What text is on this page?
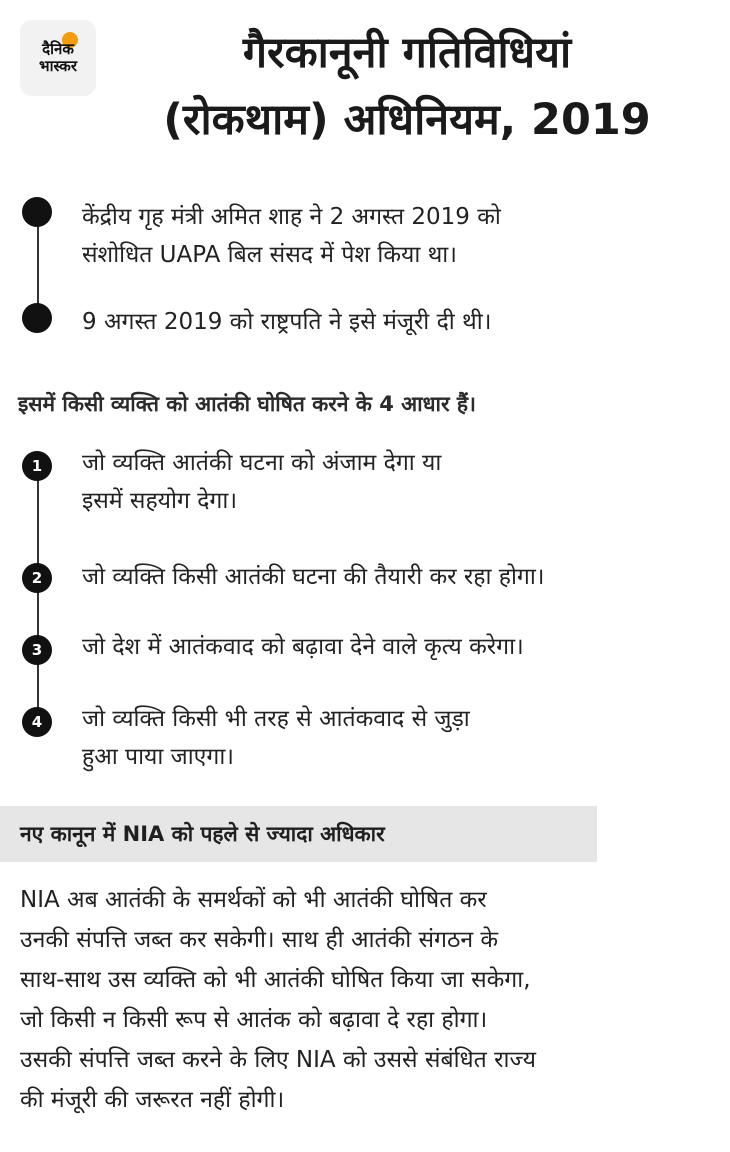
दैनिक
भास्कर	गैरकानूनी गतिविधियां
(रोकथाम) अधिनियम, 2019
केंद्रीय गृह मंत्री अमित शाह ने 2 अगस्त 2019 को
संशोधित UAPA बिल संसद में पेश किया था।
9 अगस्त 2019 को राष्ट्रपति ने इसे मंजूरी दी थी।
इसमें किसी व्यक्ति को आतंकी घोषित करने के 4 आधार हैं।
1	जो व्यक्ति आतंकी घटना को अंजाम देगा या
इसमें सहयोग देगा।
2	जो व्यक्ति किसी आतंकी घटना की तैयारी कर रहा होगा।
3	जो देश में आतंकवाद को बढ़ावा देने वाले कृत्य करेगा।
4	जो व्यक्ति किसी भी तरह से आतंकवाद से जुड़ा
हुआ पाया जाएगा।
नए कानून में NIA को पहले से ज्यादा अधिकार
NIA अब आतंकी के समर्थकों को भी आतंकी घोषित कर
उनकी संपत्ति जब्त कर सकेगी। साथ ही आतंकी संगठन के
साथ-साथ उस व्यक्ति को भी आतंकी घोषित किया जा सकेगा,
जो किसी न किसी रूप से आतंक को बढ़ावा दे रहा होगा।
उसकी संपत्ति जब्त करने के लिए NIA को उससे संबंधित राज्य
की मंजूरी की जरूरत नहीं होगी।
